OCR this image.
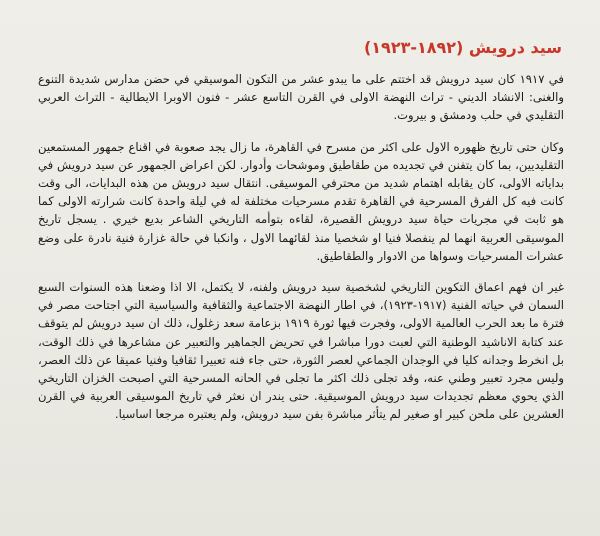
سيد درويش (١٨٩٢-١٩٢٣)

في ١٩١٧ كان سيد درويش قد اختتم على ما يبدو عشر من التكون الموسيقي في حضن مدارس شديدة التنوع والغنى: الانشاد الديني - تراث النهضة الاولى في القرن التاسع عشر - فنون الاوبرا الايطالية - التراث العربي التقليدي في حلب ودمشق و بيروت.

وكان حتى تاريخ ظهوره الاول على اكثر من مسرح في القاهرة، ما زال يجد صعوبة في اقناع جمهور المستمعين التقليديين، بما كان يتفنن في تجديده من طقاطيق وموشحات وأدوار. لكن اعراض الجمهور عن سيد درويش في بداياته الاولى، كان يقابله اهتمام شديد من محترفي الموسيقى. انتقال سيد درويش من هذه البدايات، الى وقت كانت فيه كل الفرق المسرحية في القاهرة تقدم مسرحيات مختلفة له في ليلة واحدة كانت شرارته الاولى كما هو ثابت في مجريات حياة سيد درويش القصيرة، لقاءه بتوأمه التاريخي الشاعر بديع خيري . يسجل تاريخ الموسيقى العربية انهما لم ينفصلا فنيا او شخصيا منذ لقائهما الاول ، وانكبا في حالة غزارة فنية نادرة على وضع عشرات المسرحيات وسواها من الادوار والطقاطيق.

غير ان فهم اعماق التكوين التاريخي لشخصية سيد درويش ولفنه، لا يكتمل، الا اذا وضعنا هذه السنوات السبع السمان في حياته الفنية (١٩١٧-١٩٢٣)، في اطار النهضة الاجتماعية والثقافية والسياسية التي اجتاحت مصر في فترة ما بعد الحرب العالمية الاولى، وفجرت فيها ثورة ١٩١٩ بزعامة سعد زغلول، ذلك ان سيد درويش لم يتوقف عند كتابة الاناشيد الوطنية التي لعبت دورا مباشرا في تحريض الجماهير والتعبير عن مشاعرها في ذلك الوقت، بل انخرط وجدانه كليا في الوجدان الجماعي لعصر الثورة، حتى جاء فنه تعبيرا ثقافيا وفنيا عميقا عن ذلك العصر، وليس مجرد تعبير وطني عنه، وقد تجلى ذلك اكثر ما تجلى في الحانه المسرحية التي اصبحت الخزان التاريخي الذي يحوي معظم تجديدات سيد درويش الموسيقية. حتى يندر ان نعثر في تاريخ الموسيقى العربية في القرن العشرين على ملحن كبير او صغير لم يتأثر مباشرة بفن سيد درويش، ولم يعتبره مرجعا اساسيا.
